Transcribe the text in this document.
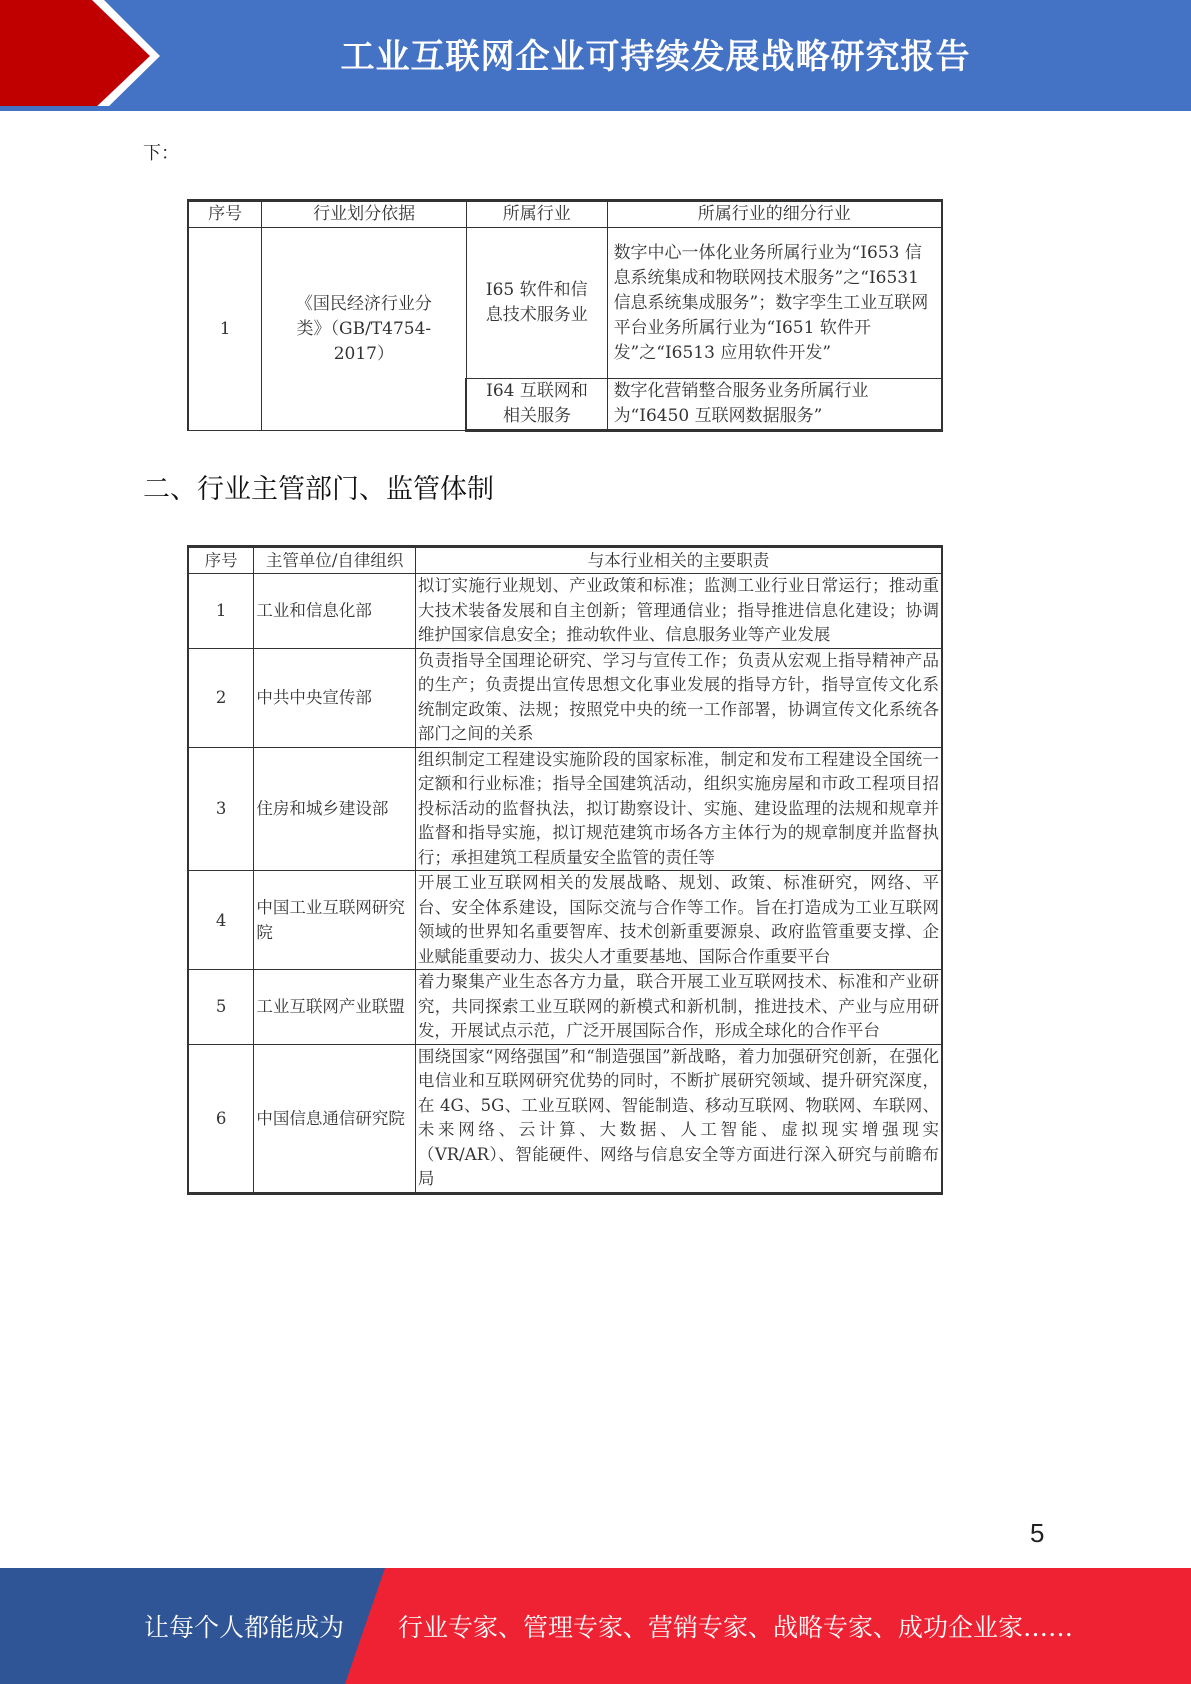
工业互联网企业可持续发展战略研究报告
下：
序号	行业划分依据	所属行业	所属行业的细分行业
1	《国民经济行业分类》（GB/T4754-2017）	I65 软件和信息技术服务业	数字中心一体化业务所属行业为“I653 信息系统集成和物联网技术服务”之“I6531 信息系统集成服务”；数字孪生工业互联网平台业务所属行业为“I651 软件开发”之“I6513 应用软件开发”
		I64 互联网和相关服务	数字化营销整合服务业务所属行业为“I6450 互联网数据服务”
二、行业主管部门、监管体制
序号	主管单位/自律组织	与本行业相关的主要职责
1	工业和信息化部	拟订实施行业规划、产业政策和标准；监测工业行业日常运行；推动重大技术装备发展和自主创新；管理通信业；指导推进信息化建设；协调维护国家信息安全；推动软件业、信息服务业等产业发展
2	中共中央宣传部	负责指导全国理论研究、学习与宣传工作；负责从宏观上指导精神产品的生产；负责提出宣传思想文化事业发展的指导方针，指导宣传文化系统制定政策、法规；按照党中央的统一工作部署，协调宣传文化系统各部门之间的关系
3	住房和城乡建设部	组织制定工程建设实施阶段的国家标准，制定和发布工程建设全国统一定额和行业标准；指导全国建筑活动，组织实施房屋和市政工程项目招投标活动的监督执法，拟订勘察设计、实施、建设监理的法规和规章并监督和指导实施，拟订规范建筑市场各方主体行为的规章制度并监督执行；承担建筑工程质量安全监管的责任等
4	中国工业互联网研究院	开展工业互联网相关的发展战略、规划、政策、标准研究，网络、平台、安全体系建设，国际交流与合作等工作。旨在打造成为工业互联网领域的世界知名重要智库、技术创新重要源泉、政府监管重要支撑、企业赋能重要动力、拔尖人才重要基地、国际合作重要平台
5	工业互联网产业联盟	着力聚集产业生态各方力量，联合开展工业互联网技术、标准和产业研究，共同探索工业互联网的新模式和新机制，推进技术、产业与应用研发，开展试点示范，广泛开展国际合作，形成全球化的合作平台
6	中国信息通信研究院	围绕国家“网络强国”和“制造强国”新战略，着力加强研究创新，在强化电信业和互联网研究优势的同时，不断扩展研究领域、提升研究深度，在 4G、5G、工业互联网、智能制造、移动互联网、物联网、车联网、未来网络、云计算、大数据、人工智能、虚拟现实增强现实（VR/AR）、智能硬件、网络与信息安全等方面进行深入研究与前瞻布局
5
让每个人都能成为 行业专家、管理专家、营销专家、战略专家、成功企业家……
